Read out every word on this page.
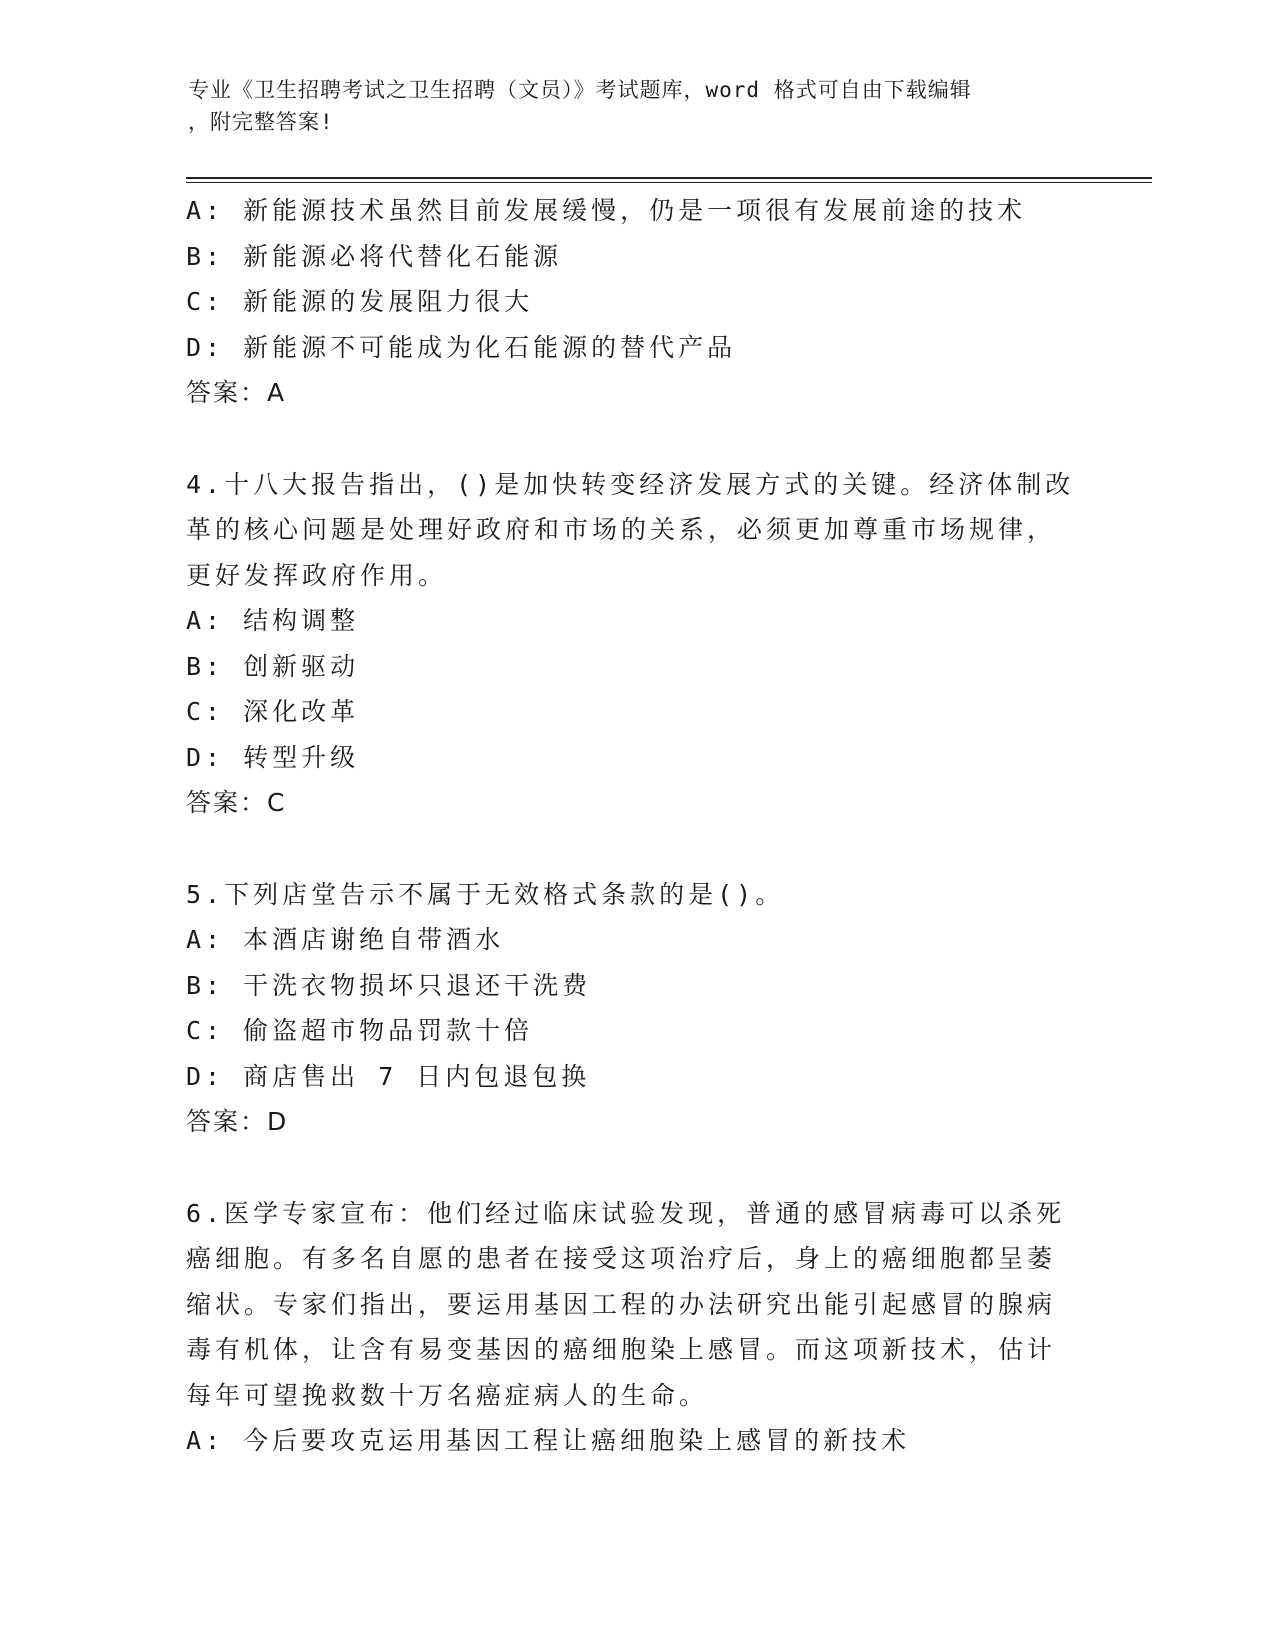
专业《卫生招聘考试之卫生招聘（文员）》考试题库，word 格式可自由下载编辑
，附完整答案!
A: 新能源技术虽然目前发展缓慢，仍是一项很有发展前途的技术
B: 新能源必将代替化石能源
C: 新能源的发展阻力很大
D: 新能源不可能成为化石能源的替代产品
答案：A
4.十八大报告指出，()是加快转变经济发展方式的关键。经济体制改
革的核心问题是处理好政府和市场的关系，必须更加尊重市场规律，
更好发挥政府作用。
A: 结构调整
B: 创新驱动
C: 深化改革
D: 转型升级
答案：C
5.下列店堂告示不属于无效格式条款的是()。
A: 本酒店谢绝自带酒水
B: 干洗衣物损坏只退还干洗费
C: 偷盗超市物品罚款十倍
D: 商店售出 7 日内包退包换
答案：D
6.医学专家宣布：他们经过临床试验发现，普通的感冒病毒可以杀死
癌细胞。有多名自愿的患者在接受这项治疗后，身上的癌细胞都呈萎
缩状。专家们指出，要运用基因工程的办法研究出能引起感冒的腺病
毒有机体，让含有易变基因的癌细胞染上感冒。而这项新技术，估计
每年可望挽救数十万名癌症病人的生命。
A: 今后要攻克运用基因工程让癌细胞染上感冒的新技术
